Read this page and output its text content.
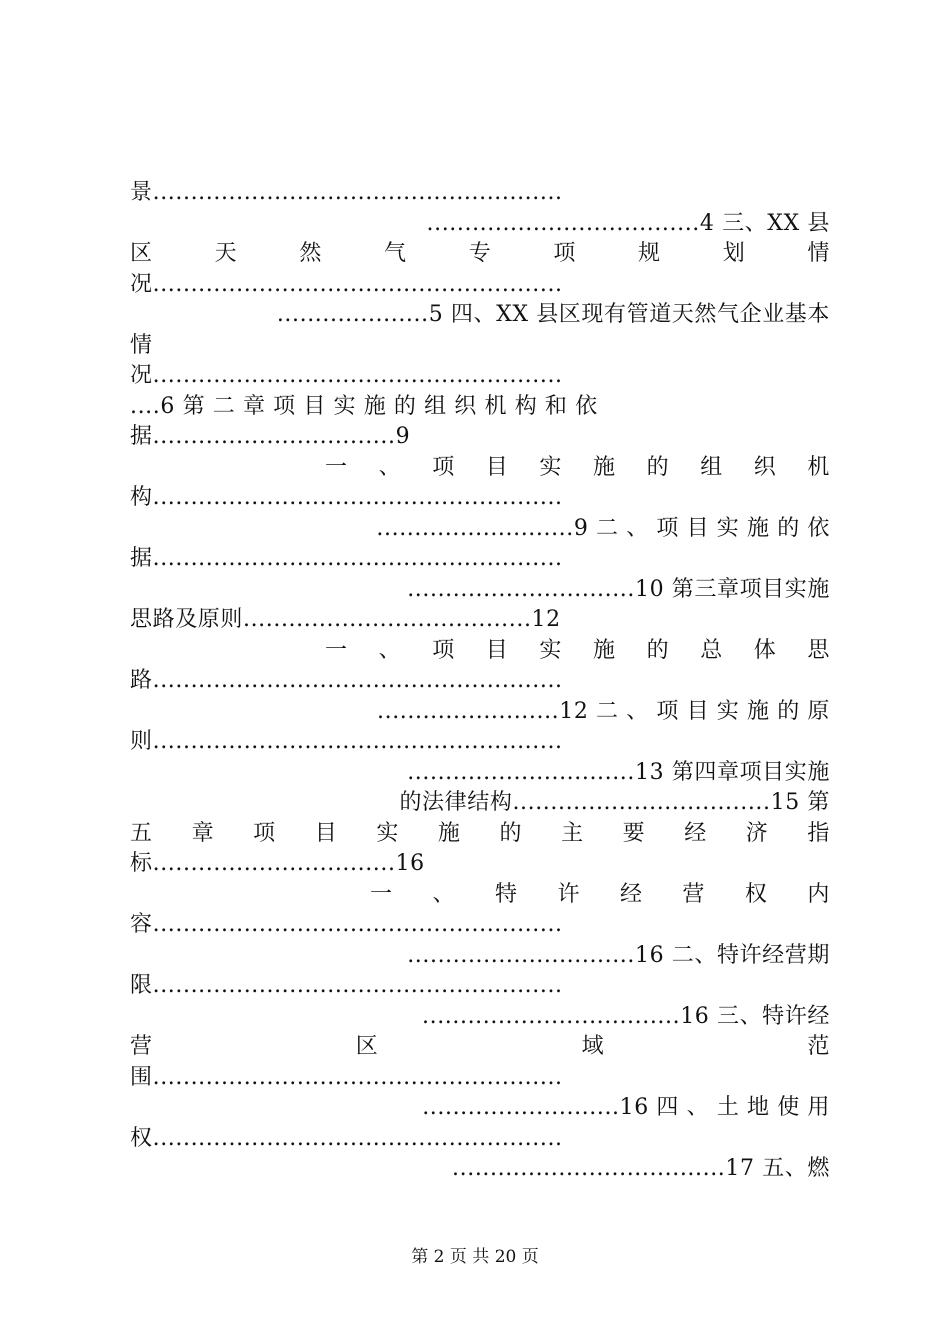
景......................................................
....................................4 三、XX 县
区 天 然 气 专 项 规 划 情
况......................................................
....................5 四、XX 县区现有管道天然气企业基本
情
况......................................................
....6 第 二 章 项 目 实 施 的 组 织 机 构 和 依
据................................9
一 、 项 目 实 施 的 组 织 机
构......................................................
..........................9 二 、 项 目 实 施 的 依
据......................................................
..............................10 第三章项目实施
思路及原则......................................12
一 、 项 目 实 施 的 总 体 思
路......................................................
........................12 二 、 项 目 实 施 的 原
则......................................................
..............................13 第四章项目实施
的法律结构..................................15 第
五 章 项 目 实 施 的 主 要 经 济 指
标................................16
一 、 特 许 经 营 权 内
容......................................................
..............................16 二、特许经营期
限......................................................
..................................16 三、特许经
营 区 域 范
围......................................................
..........................16 四 、 土 地 使 用
权......................................................
....................................17 五、燃
第 2 页 共 20 页
